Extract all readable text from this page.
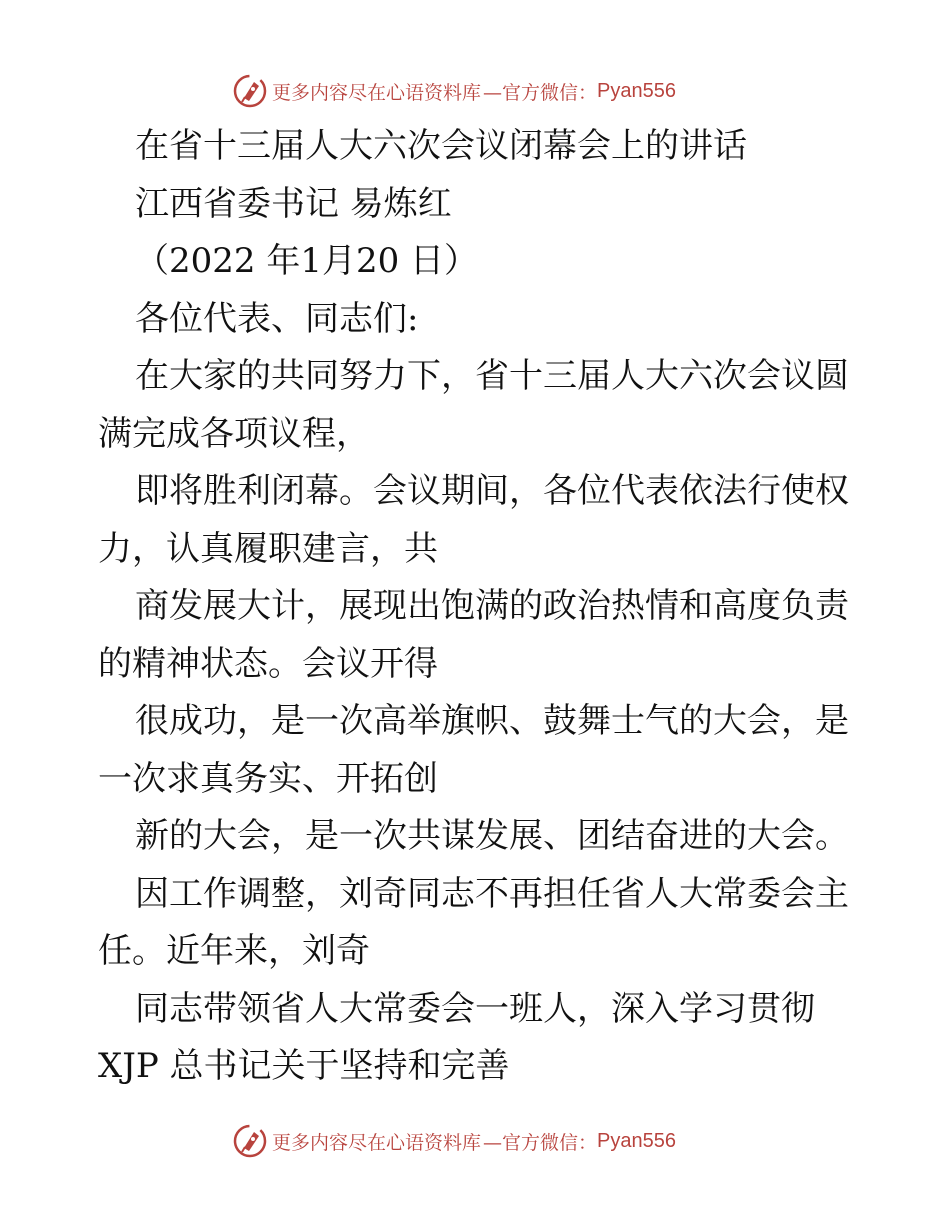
更多内容尽在心语资料库 —官方微信： Pyan556
在省十三届人大六次会议闭幕会上的讲话
江西省委书记 易炼红
（2022 年1月20 日）
各位代表、同志们:
在大家的共同努力下，省十三届人大六次会议圆
满完成各项议程，
即将胜利闭幕。会议期间，各位代表依法行使权
力，认真履职建言，共
商发展大计，展现出饱满的政治热情和高度负责
的精神状态。会议开得
很成功，是一次高举旗帜、鼓舞士气的大会，是
一次求真务实、开拓创
新的大会，是一次共谋发展、团结奋进的大会。
因工作调整，刘奇同志不再担任省人大常委会主
任。近年来，刘奇
同志带领省人大常委会一班人，深入学习贯彻
XJP 总书记关于坚持和完善
更多内容尽在心语资料库 —官方微信： Pyan556
